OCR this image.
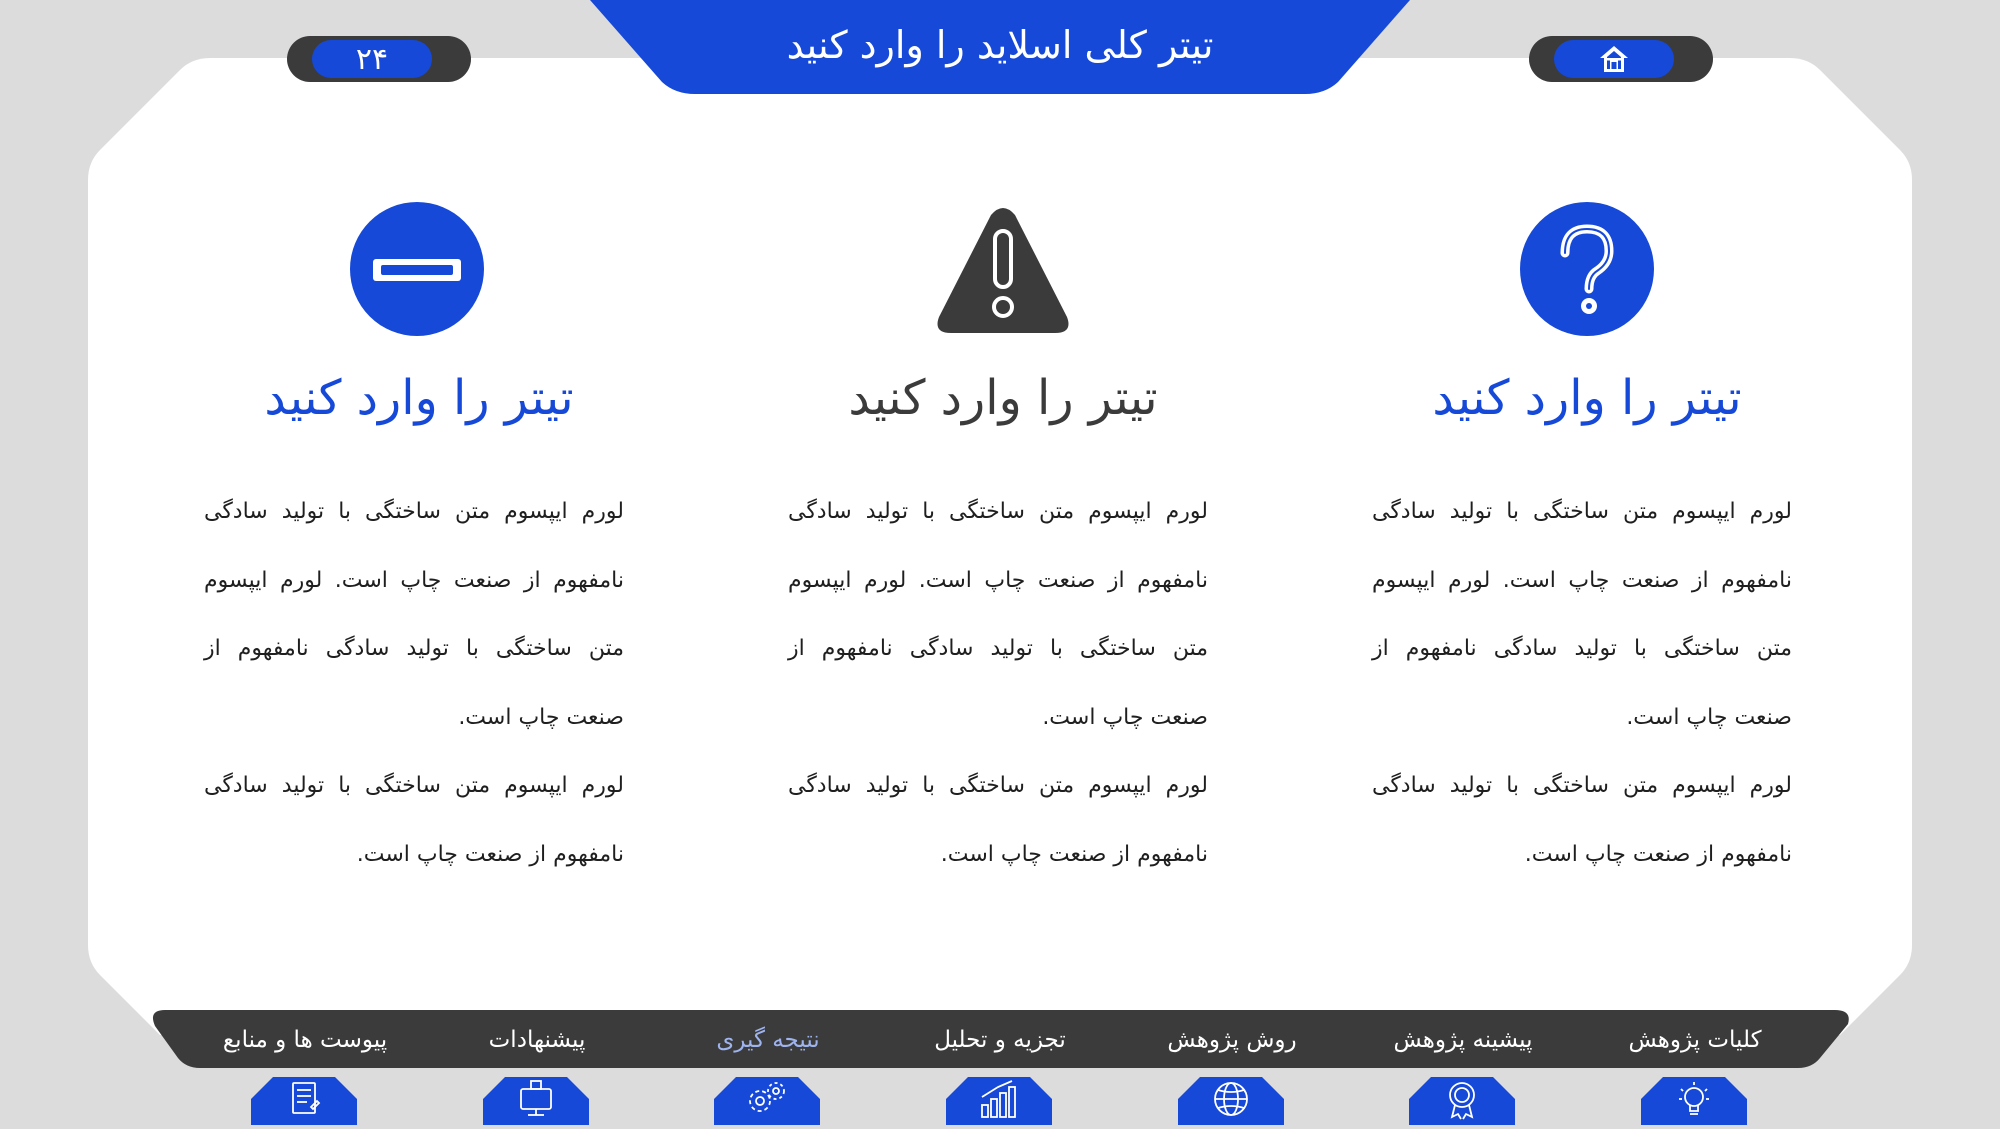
تیتر کلی اسلاید را وارد کنید
۲۴
تیتر را وارد کنید

لورم ایپسوم متن ساختگی با تولید سادگی نامفهوم از صنعت چاپ است. لورم ایپسوم متن ساختگی با تولید سادگی نامفهوم از صنعت چاپ است.

لورم ایپسوم متن ساختگی با تولید سادگی نامفهوم از صنعت چاپ است.

تیتر را وارد کنید

لورم ایپسوم متن ساختگی با تولید سادگی نامفهوم از صنعت چاپ است. لورم ایپسوم متن ساختگی با تولید سادگی نامفهوم از صنعت چاپ است.

لورم ایپسوم متن ساختگی با تولید سادگی نامفهوم از صنعت چاپ است.

تیتر را وارد کنید

لورم ایپسوم متن ساختگی با تولید سادگی نامفهوم از صنعت چاپ است. لورم ایپسوم متن ساختگی با تولید سادگی نامفهوم از صنعت چاپ است.

لورم ایپسوم متن ساختگی با تولید سادگی نامفهوم از صنعت چاپ است.

کلیات پژوهش
پیشینه پژوهش
روش پژوهش
تجزیه و تحلیل
نتیجه گیری
پیشنهادات
پیوست ها و منابع
